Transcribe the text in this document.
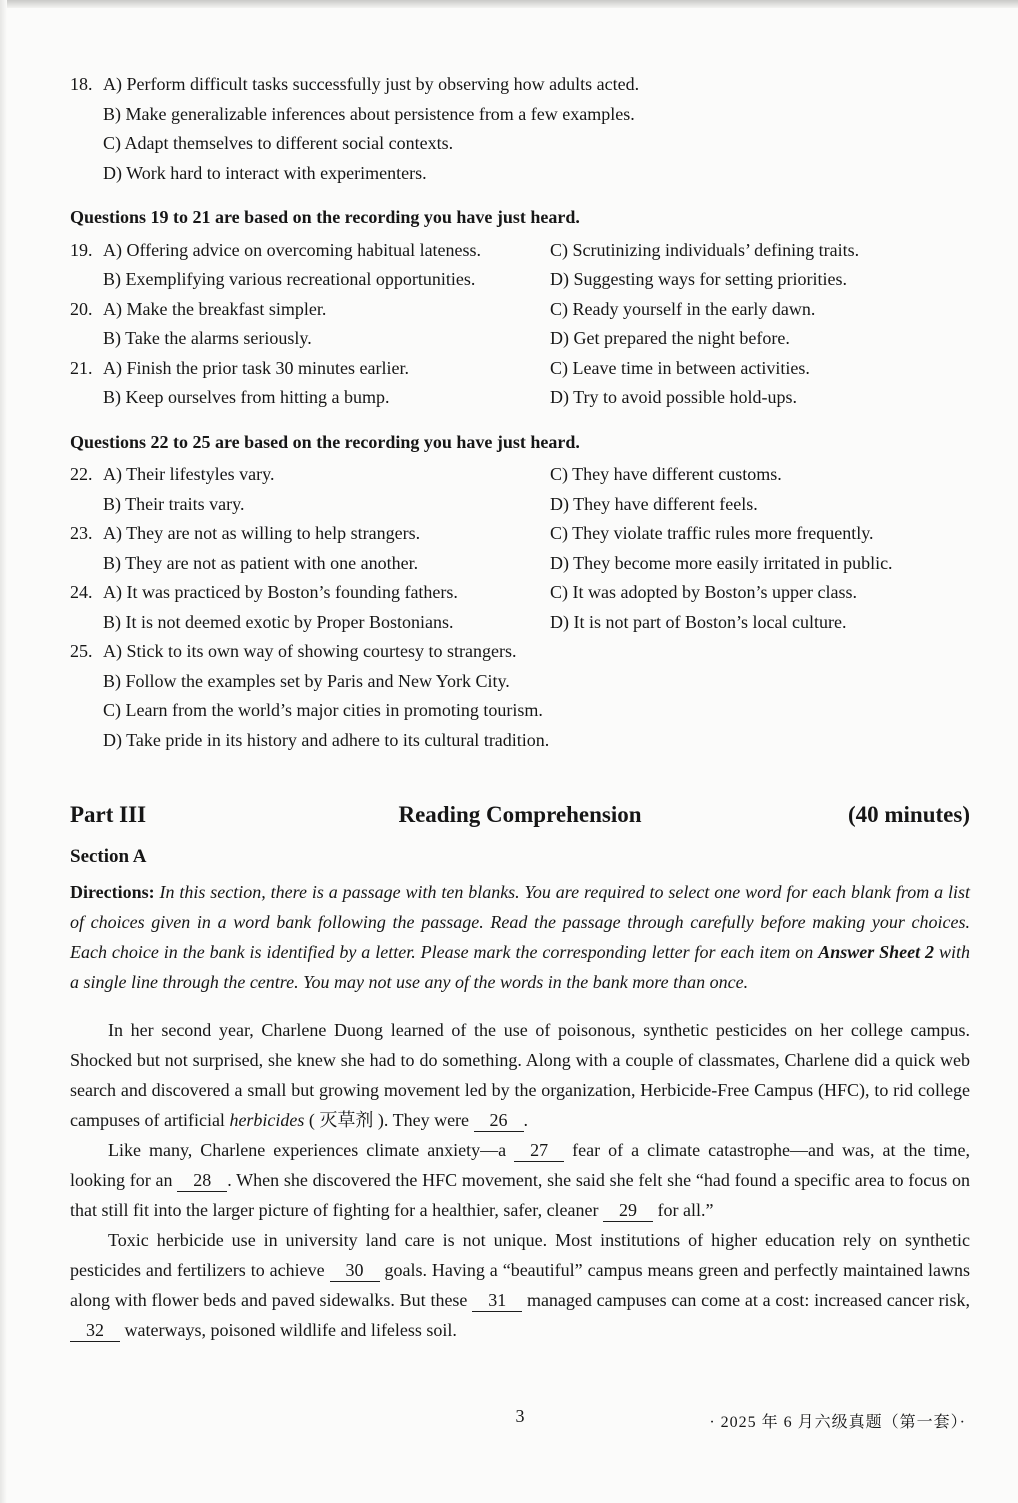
18. A) Perform difficult tasks successfully just by observing how adults acted.
B) Make generalizable inferences about persistence from a few examples.
C) Adapt themselves to different social contexts.
D) Work hard to interact with experimenters.
Questions 19 to 21 are based on the recording you have just heard.
19. A) Offering advice on overcoming habitual lateness.	C) Scrutinizing individuals’ defining traits.
B) Exemplifying various recreational opportunities.	D) Suggesting ways for setting priorities.
20. A) Make the breakfast simpler.	C) Ready yourself in the early dawn.
B) Take the alarms seriously.	D) Get prepared the night before.
21. A) Finish the prior task 30 minutes earlier.	C) Leave time in between activities.
B) Keep ourselves from hitting a bump.	D) Try to avoid possible hold-ups.
Questions 22 to 25 are based on the recording you have just heard.
22. A) Their lifestyles vary.	C) They have different customs.
B) Their traits vary.	D) They have different feels.
23. A) They are not as willing to help strangers.	C) They violate traffic rules more frequently.
B) They are not as patient with one another.	D) They become more easily irritated in public.
24. A) It was practiced by Boston’s founding fathers.	C) It was adopted by Boston’s upper class.
B) It is not deemed exotic by Proper Bostonians.	D) It is not part of Boston’s local culture.
25. A) Stick to its own way of showing courtesy to strangers.
B) Follow the examples set by Paris and New York City.
C) Learn from the world’s major cities in promoting tourism.
D) Take pride in its history and adhere to its cultural tradition.
Part III	Reading Comprehension	(40 minutes)
Section A
Directions: In this section, there is a passage with ten blanks. You are required to select one word for each blank from a list of choices given in a word bank following the passage. Read the passage through carefully before making your choices. Each choice in the bank is identified by a letter. Please mark the corresponding letter for each item on Answer Sheet 2 with a single line through the centre. You may not use any of the words in the bank more than once.

In her second year, Charlene Duong learned of the use of poisonous, synthetic pesticides on her college campus. Shocked but not surprised, she knew she had to do something. Along with a couple of classmates, Charlene did a quick web search and discovered a small but growing movement led by the organization, Herbicide-Free Campus (HFC), to rid college campuses of artificial herbicides ( 灭草剂 ). They were 26 .

Like many, Charlene experiences climate anxiety—a 27 fear of a climate catastrophe—and was, at the time, looking for an 28 . When she discovered the HFC movement, she said she felt she “had found a specific area to focus on that still fit into the larger picture of fighting for a healthier, safer, cleaner 29 for all.”

Toxic herbicide use in university land care is not unique. Most institutions of higher education rely on synthetic pesticides and fertilizers to achieve 30 goals. Having a “beautiful” campus means green and perfectly maintained lawns along with flower beds and paved sidewalks. But these 31 managed campuses can come at a cost: increased cancer risk, 32 waterways, poisoned wildlife and lifeless soil.

3	· 2025 年 6 月六级真题（第一套）·
